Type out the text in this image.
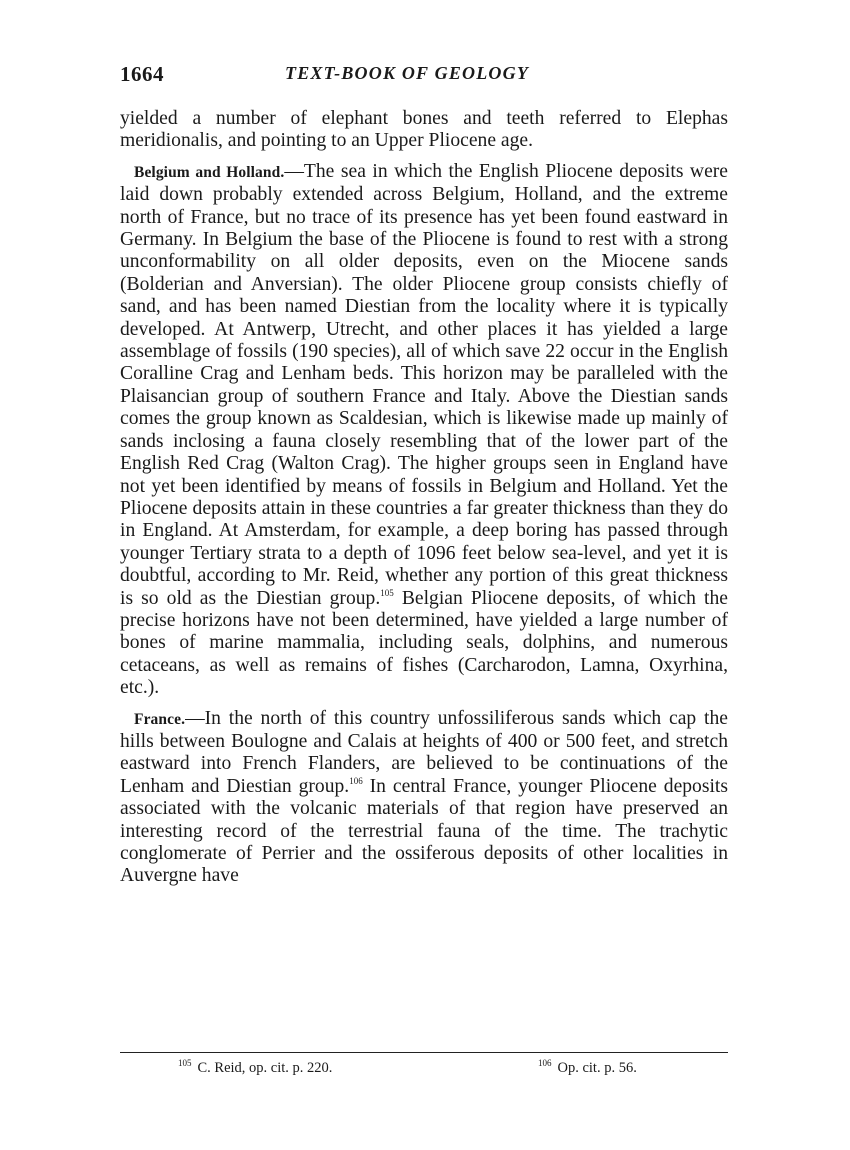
1664	TEXT-BOOK OF GEOLOGY

yielded a number of elephant bones and teeth referred to Elephas meridionalis, and pointing to an Upper Pliocene age.

Belgium and Holland.—The sea in which the English Pliocene deposits were laid down probably extended across Belgium, Holland, and the extreme north of France, but no trace of its presence has yet been found eastward in Germany. In Belgium the base of the Pliocene is found to rest with a strong unconformability on all older deposits, even on the Miocene sands (Bolderian and Anversian). The older Pliocene group consists chiefly of sand, and has been named Diestian from the locality where it is typically developed. At Antwerp, Utrecht, and other places it has yielded a large assemblage of fossils (190 species), all of which save 22 occur in the English Coralline Crag and Lenham beds. This horizon may be paralleled with the Plaisancian group of southern France and Italy. Above the Diestian sands comes the group known as Scaldesian, which is likewise made up mainly of sands inclosing a fauna closely resembling that of the lower part of the English Red Crag (Walton Crag). The higher groups seen in England have not yet been identified by means of fossils in Belgium and Holland. Yet the Pliocene deposits attain in these countries a far greater thickness than they do in England. At Amsterdam, for example, a deep boring has passed through younger Tertiary strata to a depth of 1096 feet below sea-level, and yet it is doubtful, according to Mr. Reid, whether any portion of this great thickness is so old as the Diestian group.$^{105}$ Belgian Pliocene deposits, of which the precise horizons have not been determined, have yielded a large number of bones of marine mammalia, including seals, dolphins, and numerous cetaceans, as well as remains of fishes (Carcharodon, Lamna, Oxyrhina, etc.).

France.—In the north of this country unfossiliferous sands which cap the hills between Boulogne and Calais at heights of 400 or 500 feet, and stretch eastward into French Flanders, are believed to be continuations of the Lenham and Diestian group.$^{106}$ In central France, younger Pliocene deposits associated with the volcanic materials of that region have preserved an interesting record of the terrestrial fauna of the time. The trachytic conglomerate of Perrier and the ossiferous deposits of other localities in Auvergne have

$^{105}$ C. Reid, op. cit. p. 220.	$^{106}$ Op. cit. p. 56.
